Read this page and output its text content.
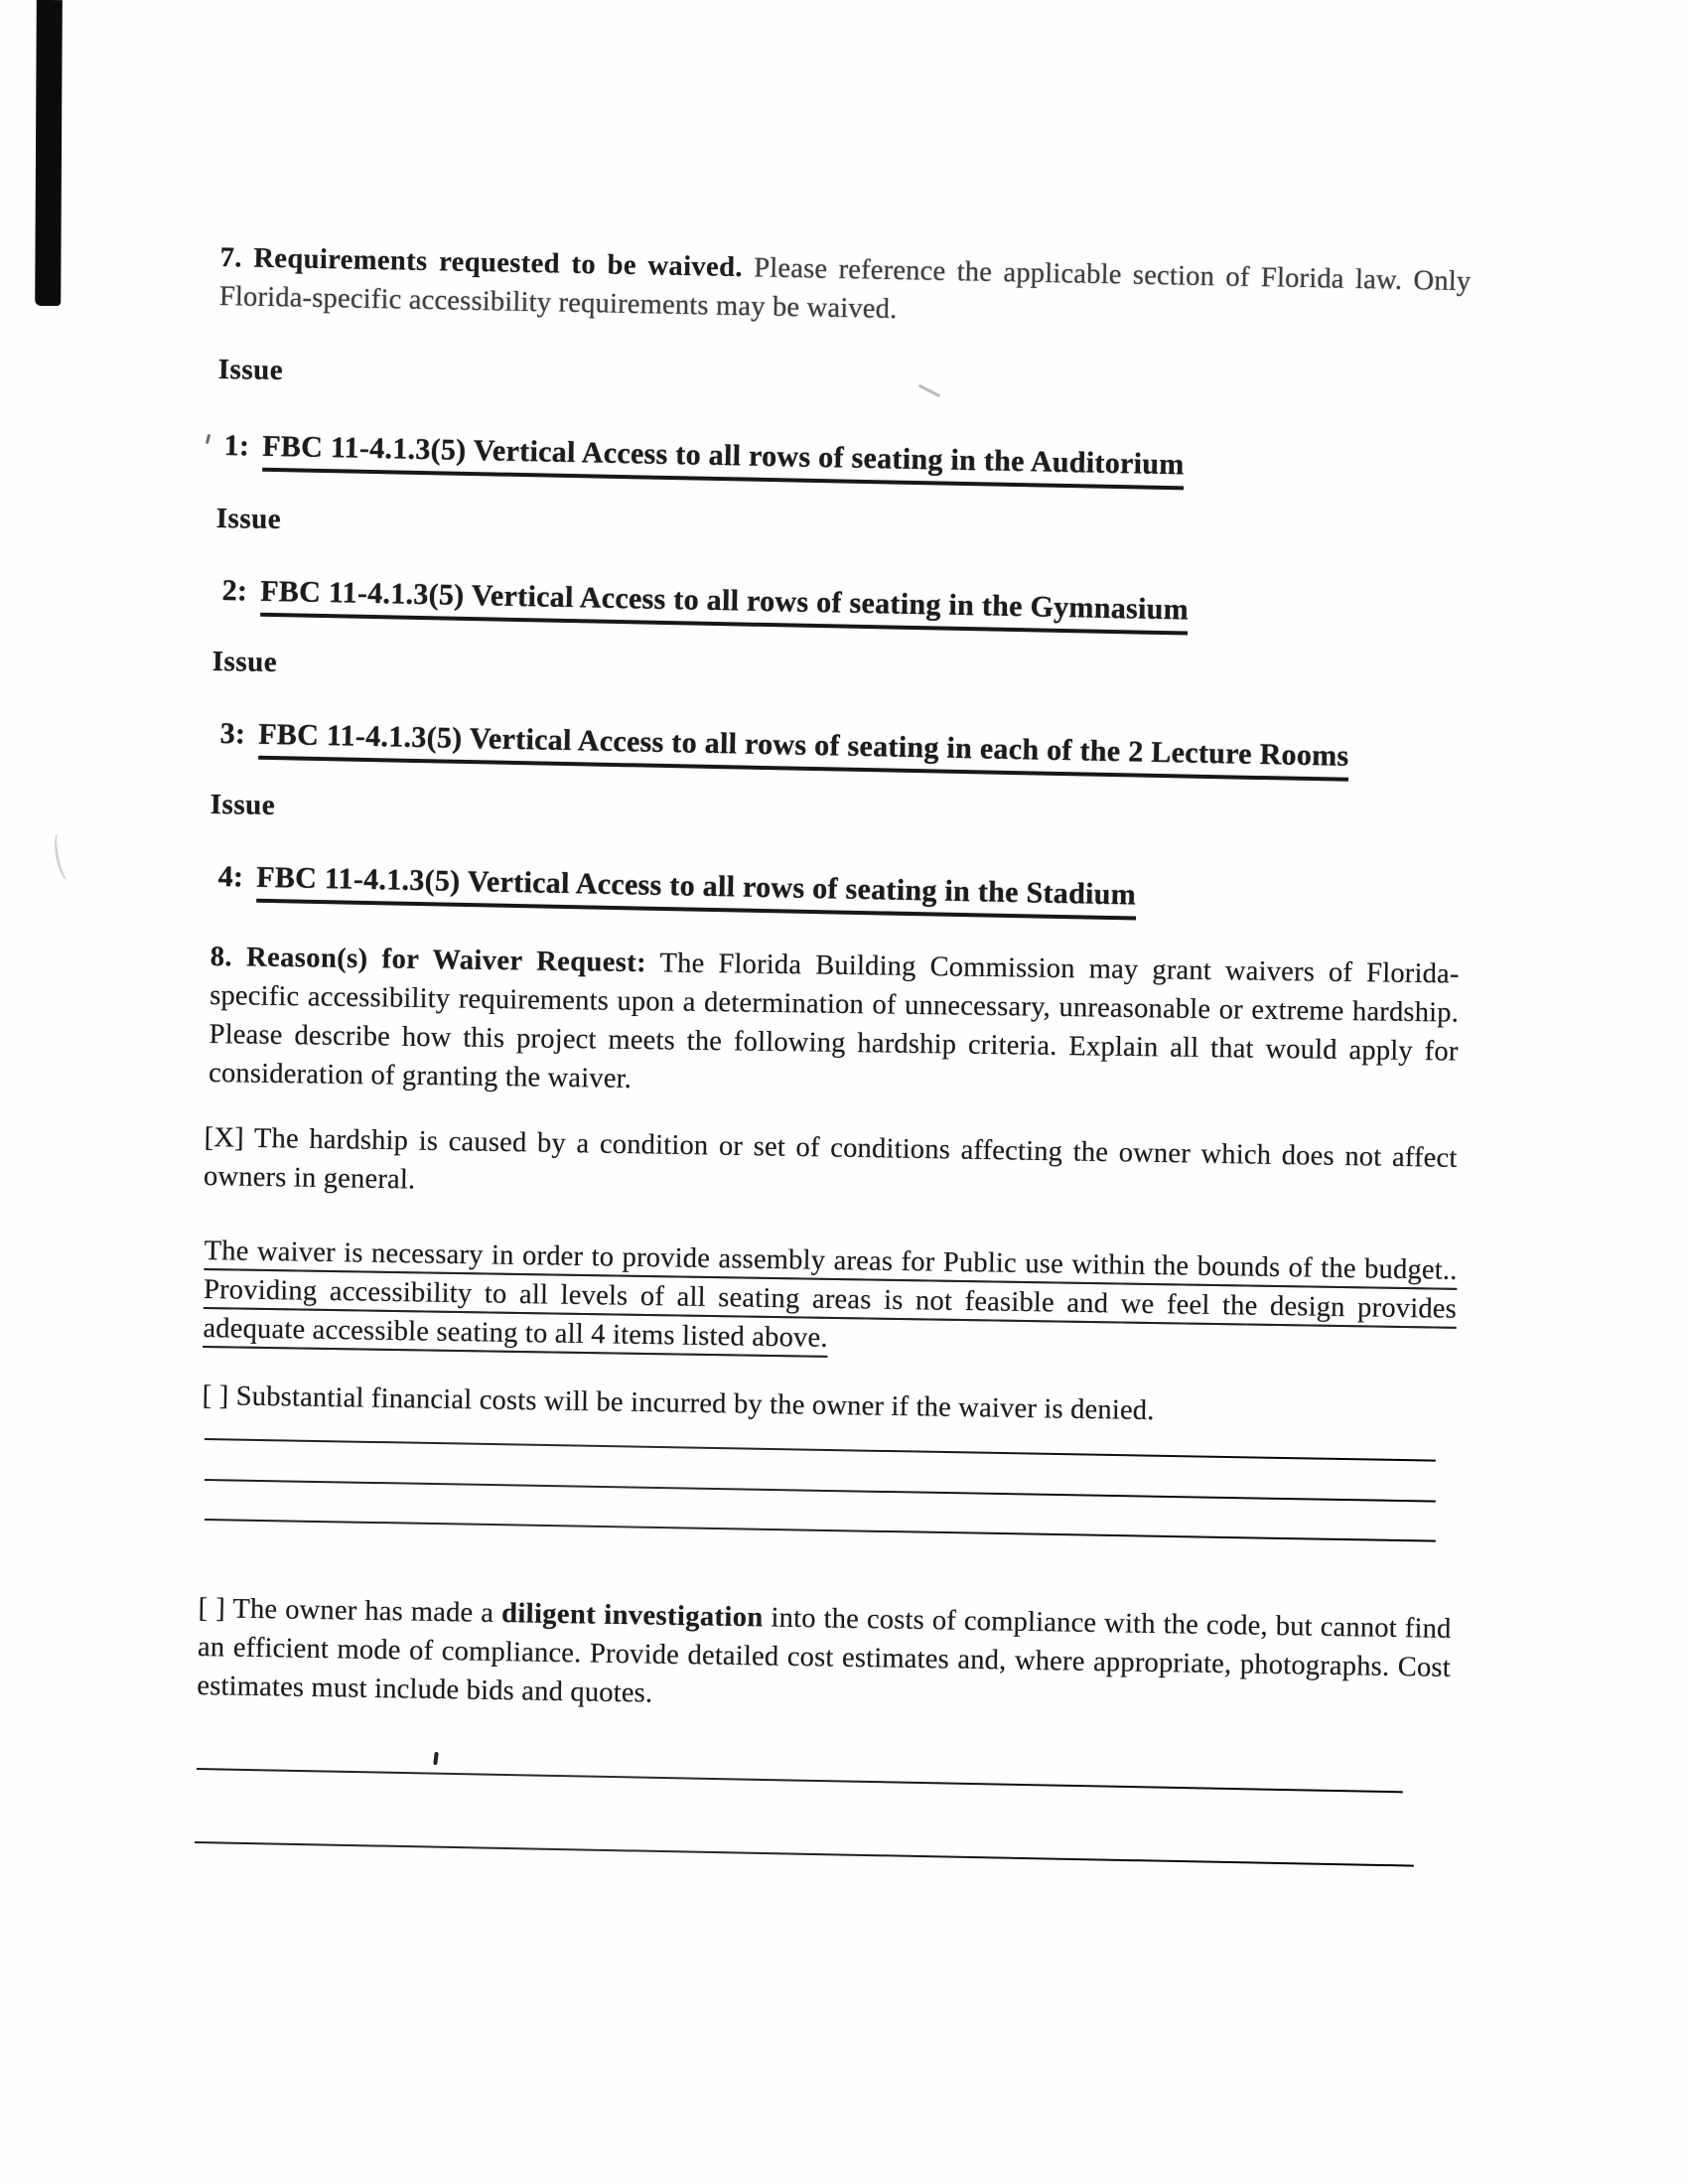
7. Requirements requested to be waived. Please reference the applicable section of Florida law. Only Florida-specific accessibility requirements may be waived.
Issue
1: FBC 11-4.1.3(5) Vertical Access to all rows of seating in the Auditorium
Issue
2: FBC 11-4.1.3(5) Vertical Access to all rows of seating in the Gymnasium
Issue
3: FBC 11-4.1.3(5) Vertical Access to all rows of seating in each of the 2 Lecture Rooms
Issue
4: FBC 11-4.1.3(5) Vertical Access to all rows of seating in the Stadium
8. Reason(s) for Waiver Request: The Florida Building Commission may grant waivers of Florida-specific accessibility requirements upon a determination of unnecessary, unreasonable or extreme hardship. Please describe how this project meets the following hardship criteria. Explain all that would apply for consideration of granting the waiver.
[X] The hardship is caused by a condition or set of conditions affecting the owner which does not affect owners in general.
The waiver is necessary in order to provide assembly areas for Public use within the bounds of the budget.. Providing accessibility to all levels of all seating areas is not feasible and we feel the design provides adequate accessible seating to all 4 items listed above.
[ ] Substantial financial costs will be incurred by the owner if the waiver is denied.
[ ] The owner has made a diligent investigation into the costs of compliance with the code, but cannot find an efficient mode of compliance. Provide detailed cost estimates and, where appropriate, photographs. Cost estimates must include bids and quotes.
